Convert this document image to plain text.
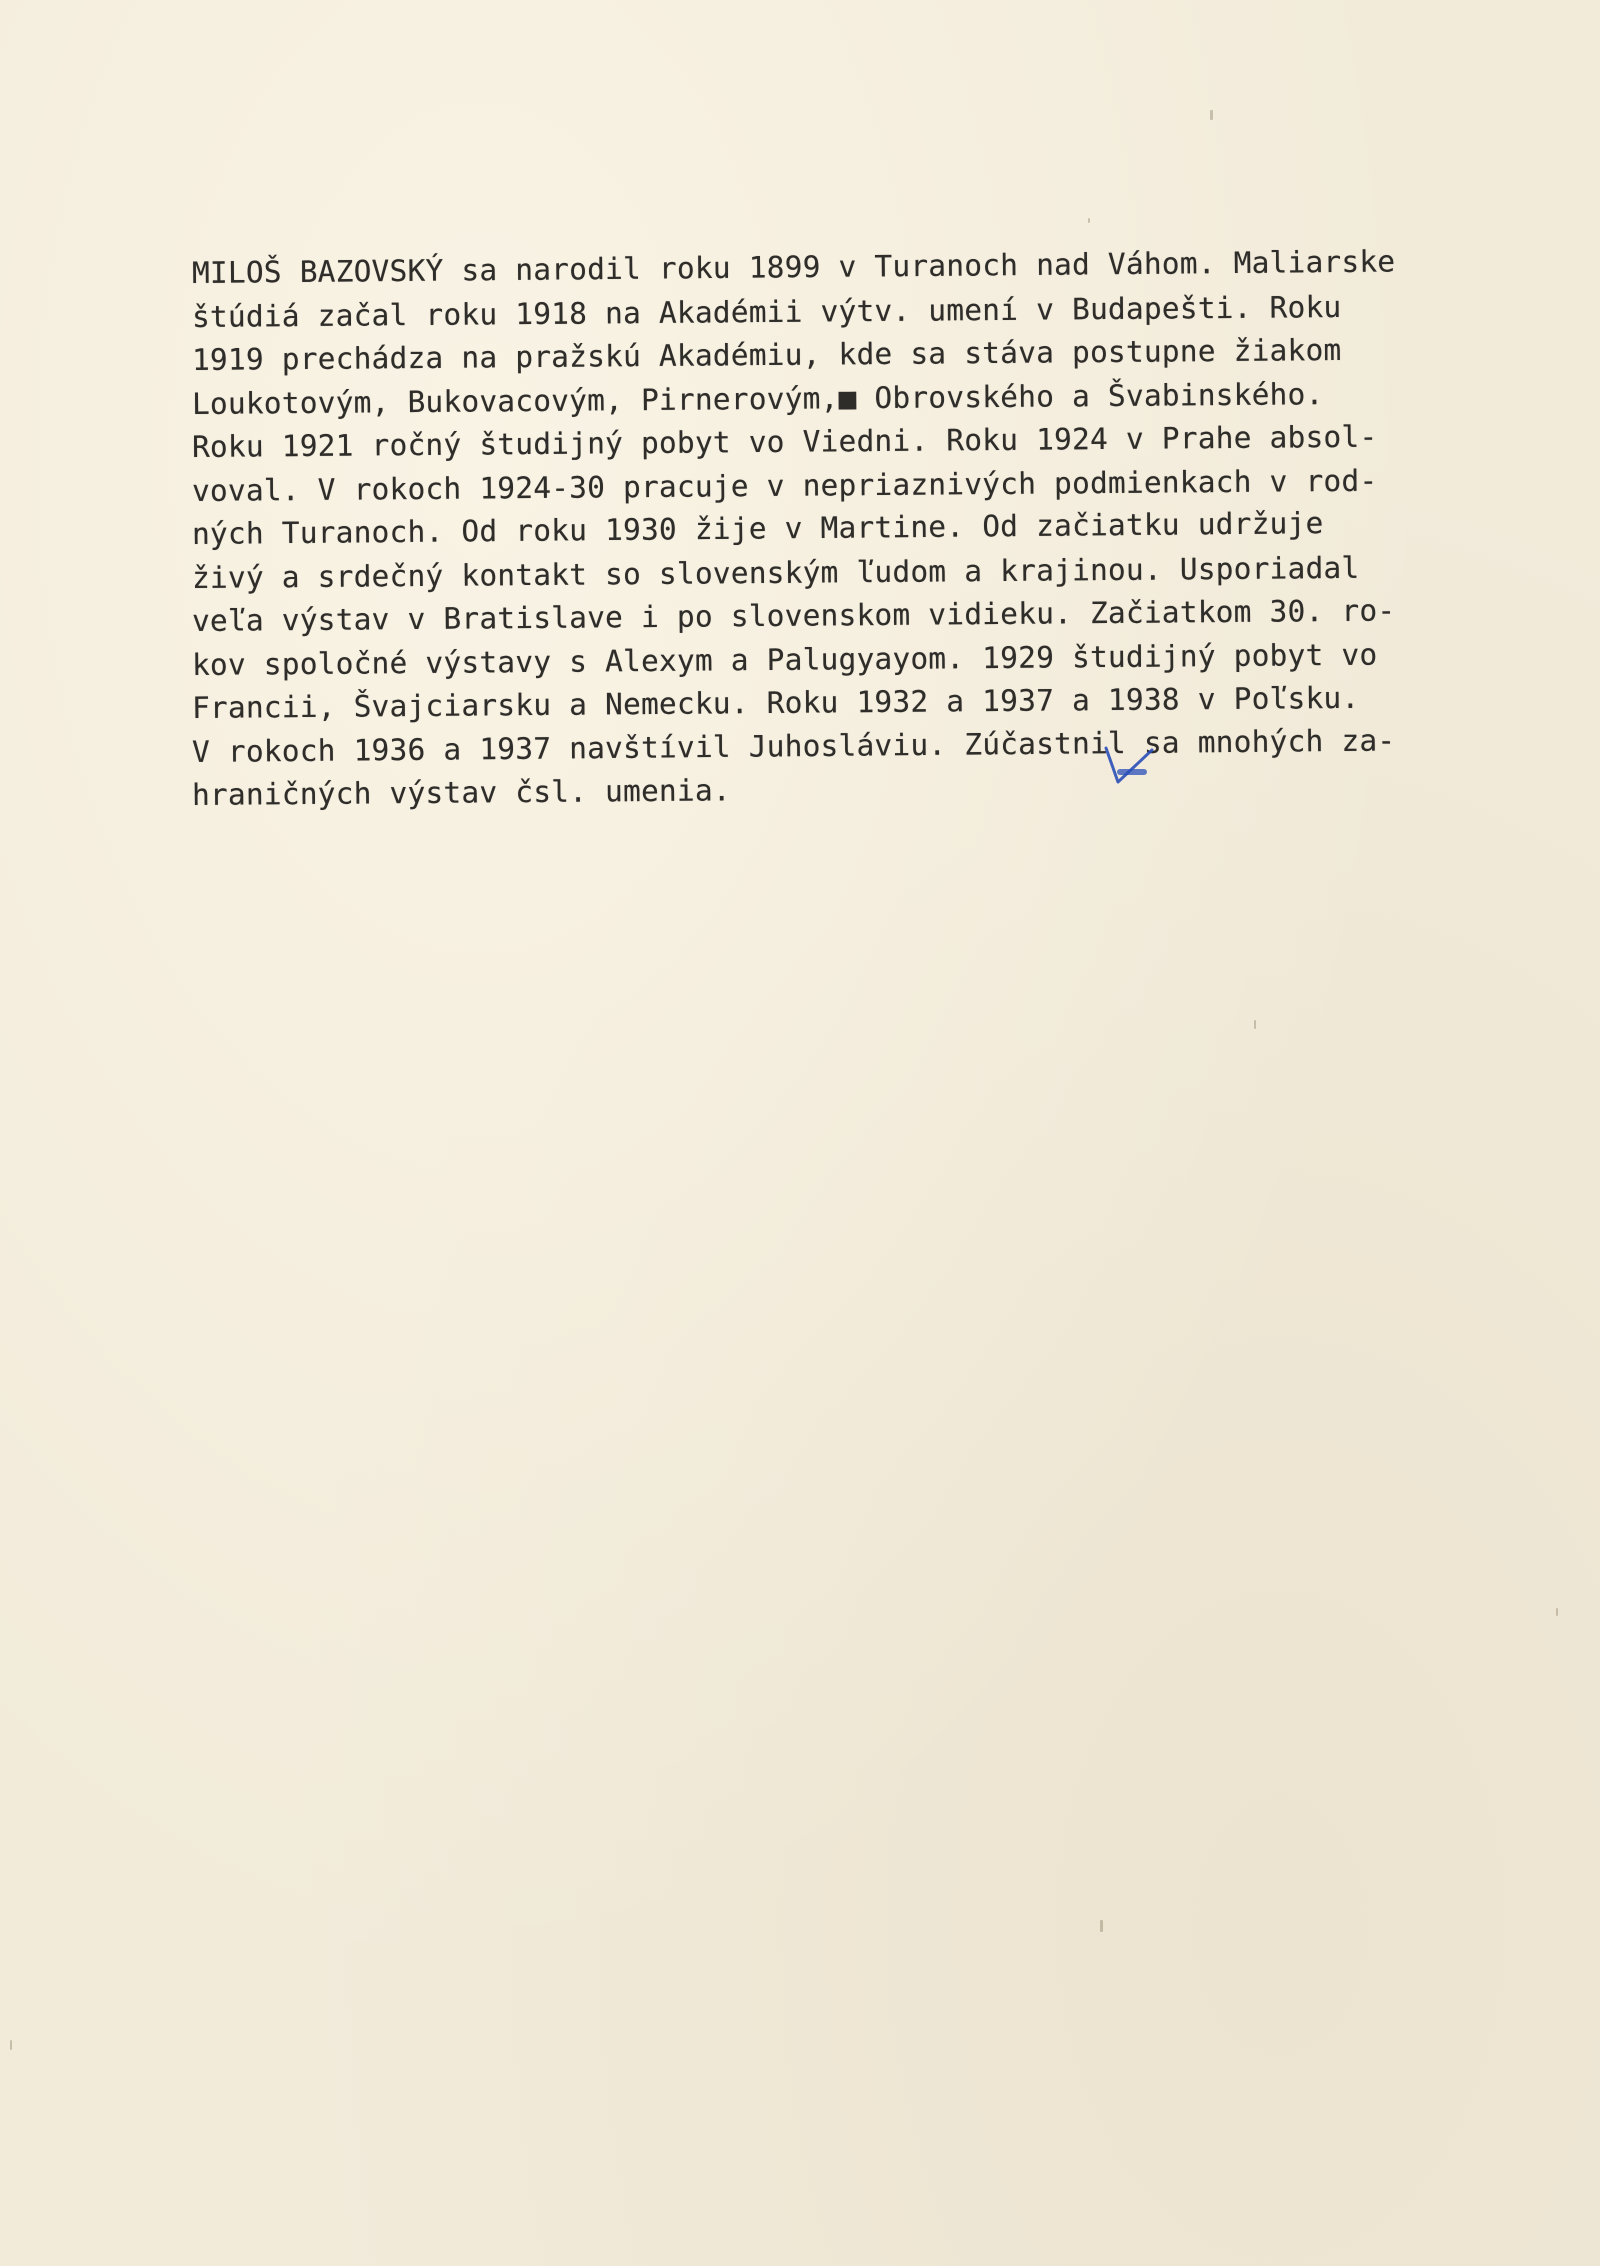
MILOŠ BAZOVSKÝ sa narodil roku 1899 v Turanoch nad Váhom. Maliarske
štúdiá začal roku 1918 na Akadémii výtv. umení v Budapešti. Roku
1919 prechádza na pražskú Akadémiu, kde sa stáva postupne žiakom
Loukotovým, Bukovacovým, Pirnerovým,■ Obrovského a Švabinského.
Roku 1921 ročný študijný pobyt vo Viedni. Roku 1924 v Prahe absol-
voval. V rokoch 1924-30 pracuje v nepriaznivých podmienkach v rod-
ných Turanoch. Od roku 1930 žije v Martine. Od začiatku udržuje
živý a srdečný kontakt so slovenským ľudom a krajinou. Usporiadal
veľa výstav v Bratislave i po slovenskom vidieku. Začiatkom 30. ro-
kov spoločné výstavy s Alexym a Palugyayom. 1929 študijný pobyt vo
Francii, Švajciarsku a Nemecku. Roku 1932 a 1937 a 1938 v Poľsku.
V rokoch 1936 a 1937 navštívil Juhosláviu. Zúčastnil sa mnohých za-
hraničných výstav čsl. umenia.
